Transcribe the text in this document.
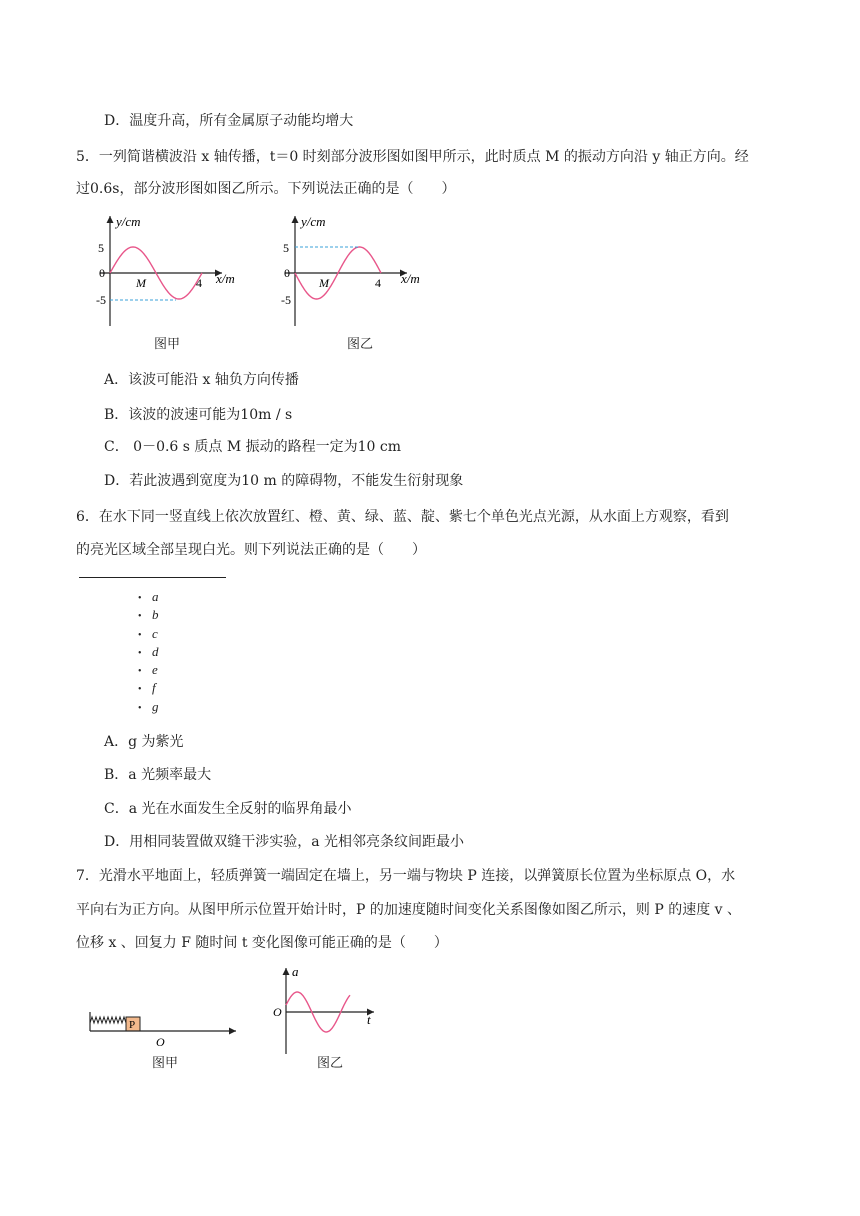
D．温度升高，所有金属原子动能均增大
5．一列简谐横波沿 x 轴传播，t＝0 时刻部分波形图如图甲所示，此时质点 M 的振动方向沿 y 轴正方向。经
过0.6s，部分波形图如图乙所示。下列说法正确的是（　　）
y/cm
x/m
5
0
-5
4
M
图甲
y/cm
x/m
5
0
-5
4
M
图乙
A．该波可能沿 x 轴负方向传播
B．该波的波速可能为10m / s
C． 0－0.6 s 质点 M 振动的路程一定为10 cm
D．若此波遇到宽度为10 m 的障碍物，不能发生衍射现象
6．在水下同一竖直线上依次放置红、橙、黄、绿、蓝、靛、紫七个单色光点光源，从水面上方观察，看到
的亮光区域全部呈现白光。则下列说法正确的是（　　）
• a
• b
• c
• d
• e
• f
• g
A．g 为紫光
B．a 光频率最大
C．a 光在水面发生全反射的临界角最小
D．用相同装置做双缝干涉实验，a 光相邻亮条纹间距最小
7．光滑水平地面上，轻质弹簧一端固定在墙上，另一端与物块 P 连接，以弹簧原长位置为坐标原点 O，水
平向右为正方向。从图甲所示位置开始计时，P 的加速度随时间变化关系图像如图乙所示，则 P 的速度 v 、
位移 x 、回复力 F 随时间 t 变化图像可能正确的是（　　）
P
O
图甲
a
t
O
图乙
